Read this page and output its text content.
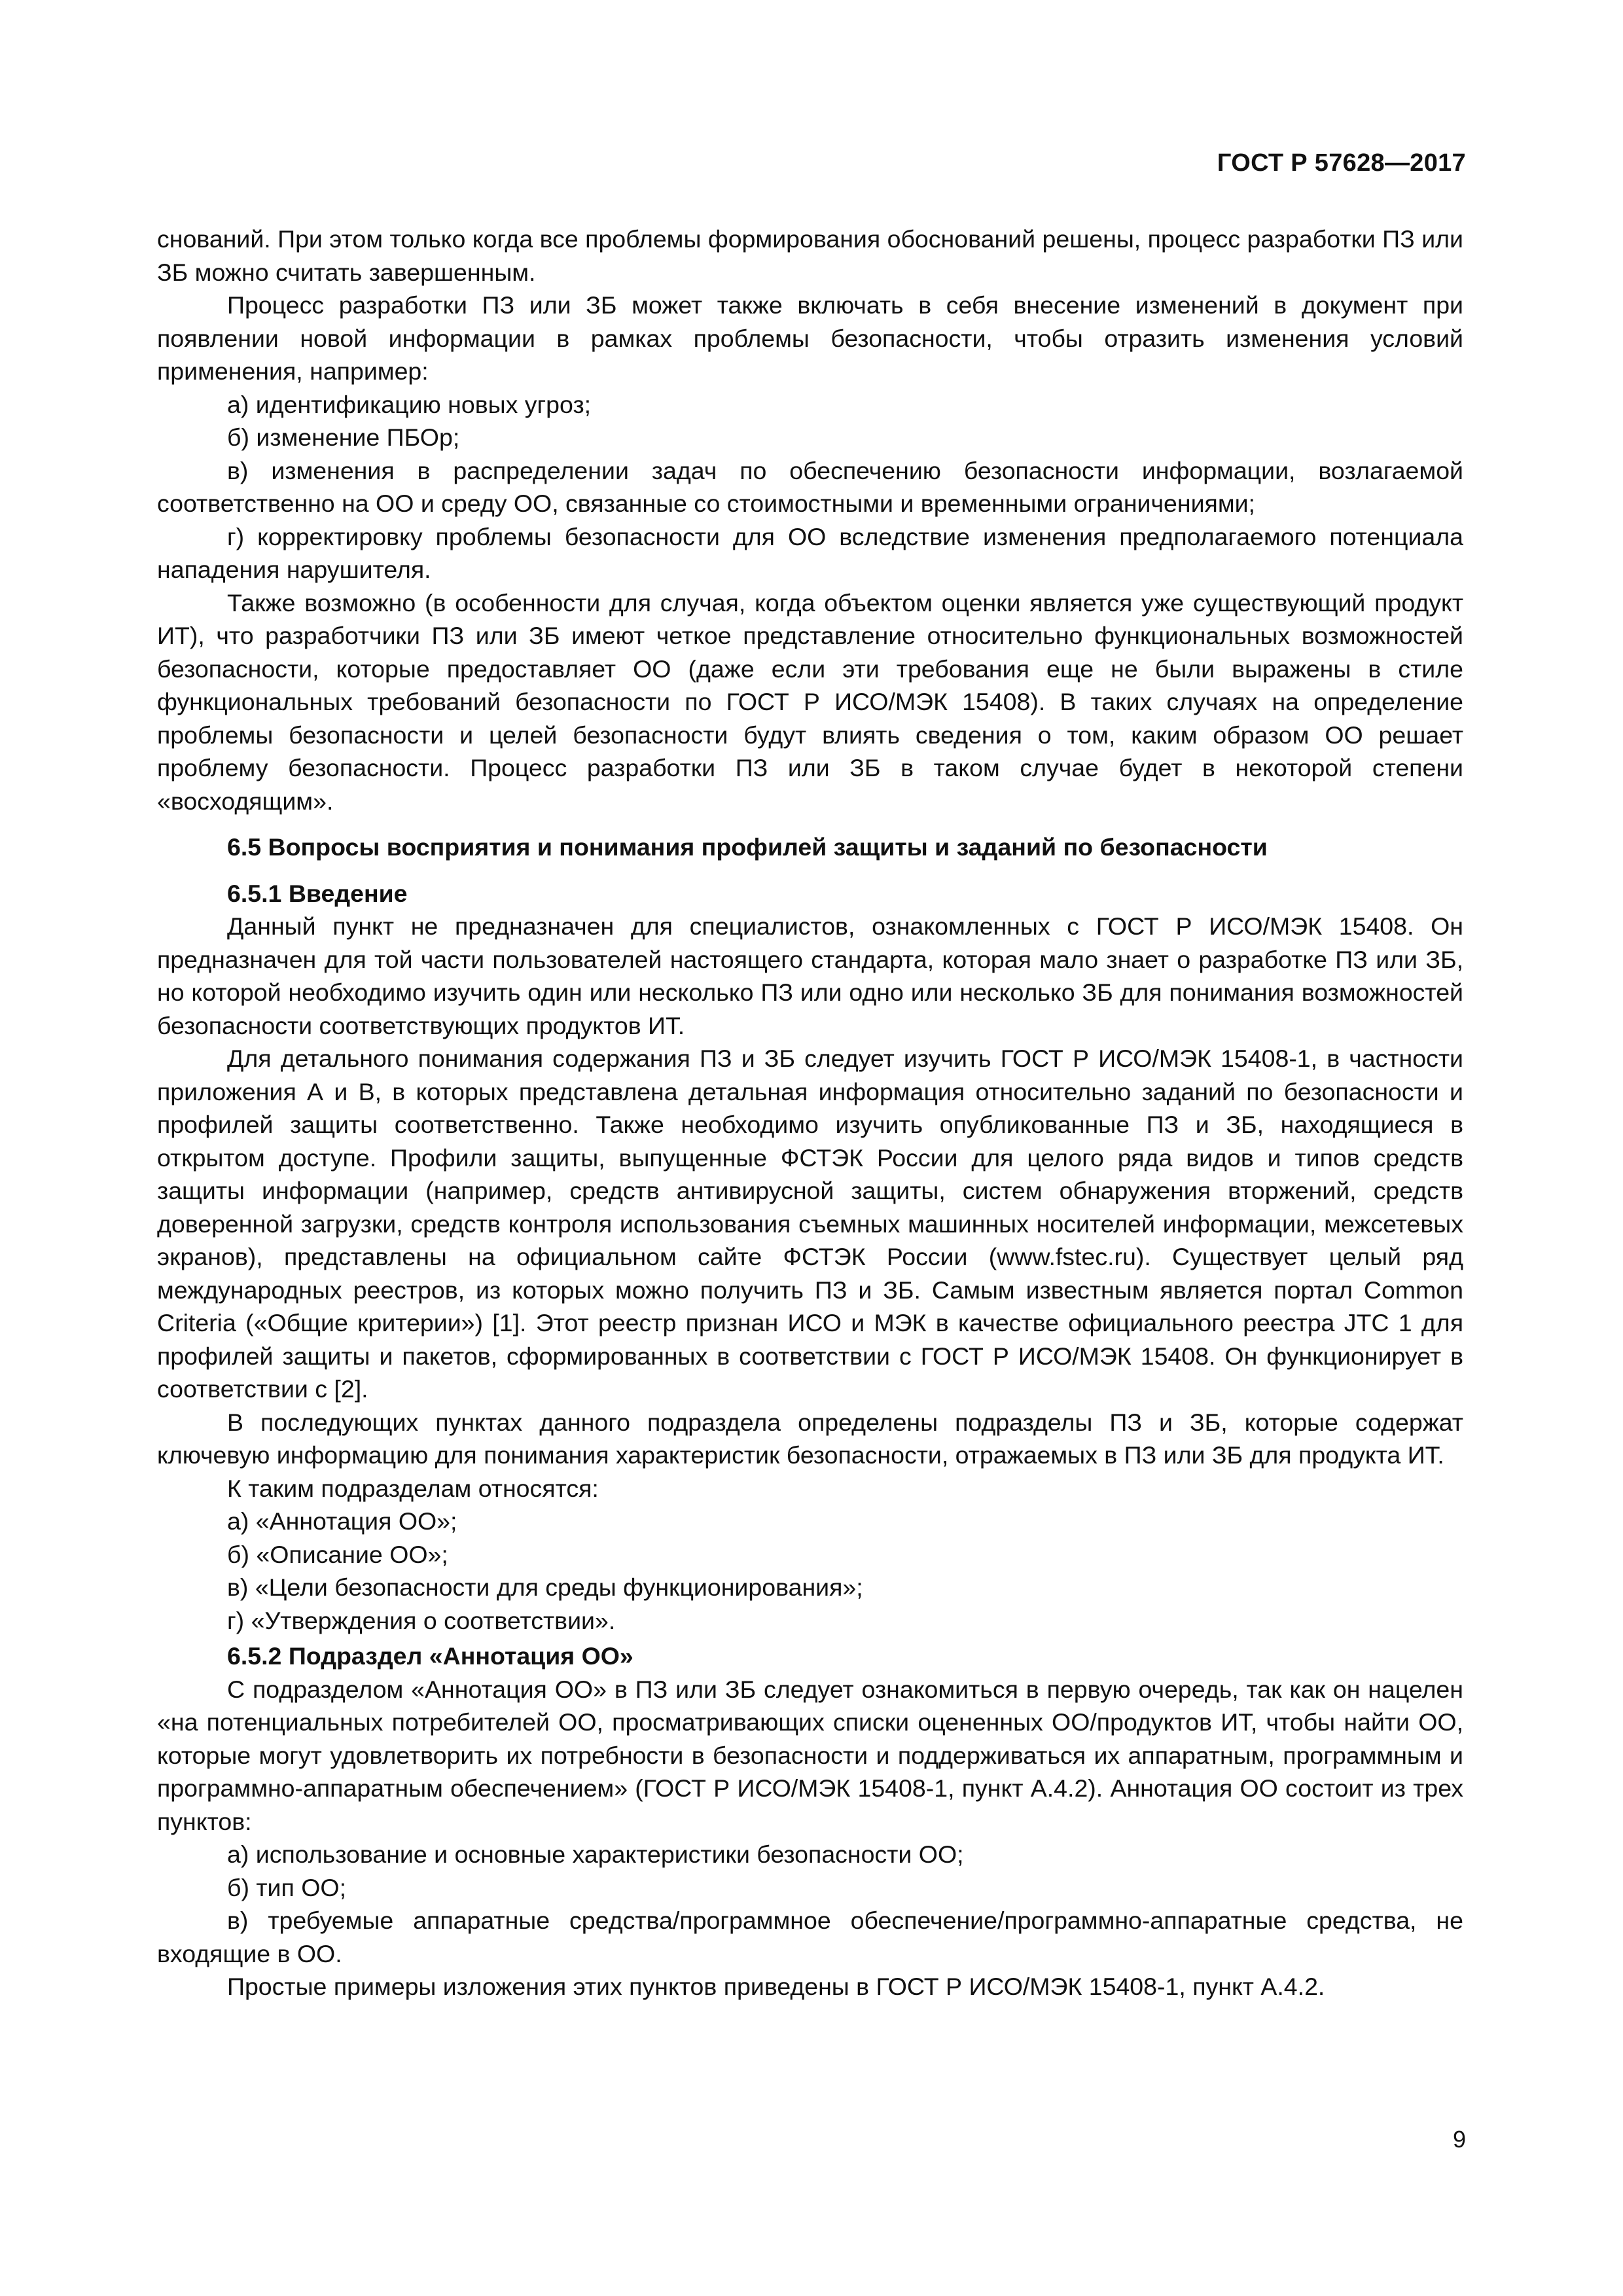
ГОСТ Р 57628—2017

снований. При этом только когда все проблемы формирования обоснований решены, процесс разработки ПЗ или ЗБ можно считать завершенным.

Процесс разработки ПЗ или ЗБ может также включать в себя внесение изменений в документ при появлении новой информации в рамках проблемы безопасности, чтобы отразить изменения условий применения, например:

а) идентификацию новых угроз;

б) изменение ПБОр;

в) изменения в распределении задач по обеспечению безопасности информации, возлагаемой соответственно на ОО и среду ОО, связанные со стоимостными и временными ограничениями;

г) корректировку проблемы безопасности для ОО вследствие изменения предполагаемого потенциала нападения нарушителя.

Также возможно (в особенности для случая, когда объектом оценки является уже существующий продукт ИТ), что разработчики ПЗ или ЗБ имеют четкое представление относительно функциональных возможностей безопасности, которые предоставляет ОО (даже если эти требования еще не были выражены в стиле функциональных требований безопасности по ГОСТ Р ИСО/МЭК 15408). В таких случаях на определение проблемы безопасности и целей безопасности будут влиять сведения о том, каким образом ОО решает проблему безопасности. Процесс разработки ПЗ или ЗБ в таком случае будет в некоторой степени «восходящим».

6.5 Вопросы восприятия и понимания профилей защиты и заданий по безопасности

6.5.1 Введение

Данный пункт не предназначен для специалистов, ознакомленных с ГОСТ Р ИСО/МЭК 15408. Он предназначен для той части пользователей настоящего стандарта, которая мало знает о разработке ПЗ или ЗБ, но которой необходимо изучить один или несколько ПЗ или одно или несколько ЗБ для понимания возможностей безопасности соответствующих продуктов ИТ.

Для детального понимания содержания ПЗ и ЗБ следует изучить ГОСТ Р ИСО/МЭК 15408-1, в частности приложения А и В, в которых представлена детальная информация относительно заданий по безопасности и профилей защиты соответственно. Также необходимо изучить опубликованные ПЗ и ЗБ, находящиеся в открытом доступе. Профили защиты, выпущенные ФСТЭК России для целого ряда видов и типов средств защиты информации (например, средств антивирусной защиты, систем обнаружения вторжений, средств доверенной загрузки, средств контроля использования съемных машинных носителей информации, межсетевых экранов), представлены на официальном сайте ФСТЭК России (www.fstec.ru). Существует целый ряд международных реестров, из которых можно получить ПЗ и ЗБ. Самым известным является портал Common Criteria («Общие критерии») [1]. Этот реестр признан ИСО и МЭК в качестве официального реестра JTC 1 для профилей защиты и пакетов, сформированных в соответствии с ГОСТ Р ИСО/МЭК 15408. Он функционирует в соответствии с [2].

В последующих пунктах данного подраздела определены подразделы ПЗ и ЗБ, которые содержат ключевую информацию для понимания характеристик безопасности, отражаемых в ПЗ или ЗБ для продукта ИТ.

К таким подразделам относятся:

а) «Аннотация ОО»;

б) «Описание ОО»;

в) «Цели безопасности для среды функционирования»;

г) «Утверждения о соответствии».

6.5.2 Подраздел «Аннотация ОО»

С подразделом «Аннотация ОО» в ПЗ или ЗБ следует ознакомиться в первую очередь, так как он нацелен «на потенциальных потребителей ОО, просматривающих списки оцененных ОО/продуктов ИТ, чтобы найти ОО, которые могут удовлетворить их потребности в безопасности и поддерживаться их аппаратным, программным и программно-аппаратным обеспечением» (ГОСТ Р ИСО/МЭК 15408-1, пункт А.4.2). Аннотация ОО состоит из трех пунктов:

а) использование и основные характеристики безопасности ОО;

б) тип ОО;

в) требуемые аппаратные средства/программное обеспечение/программно-аппаратные средства, не входящие в ОО.

Простые примеры изложения этих пунктов приведены в ГОСТ Р ИСО/МЭК 15408-1, пункт А.4.2.

9
